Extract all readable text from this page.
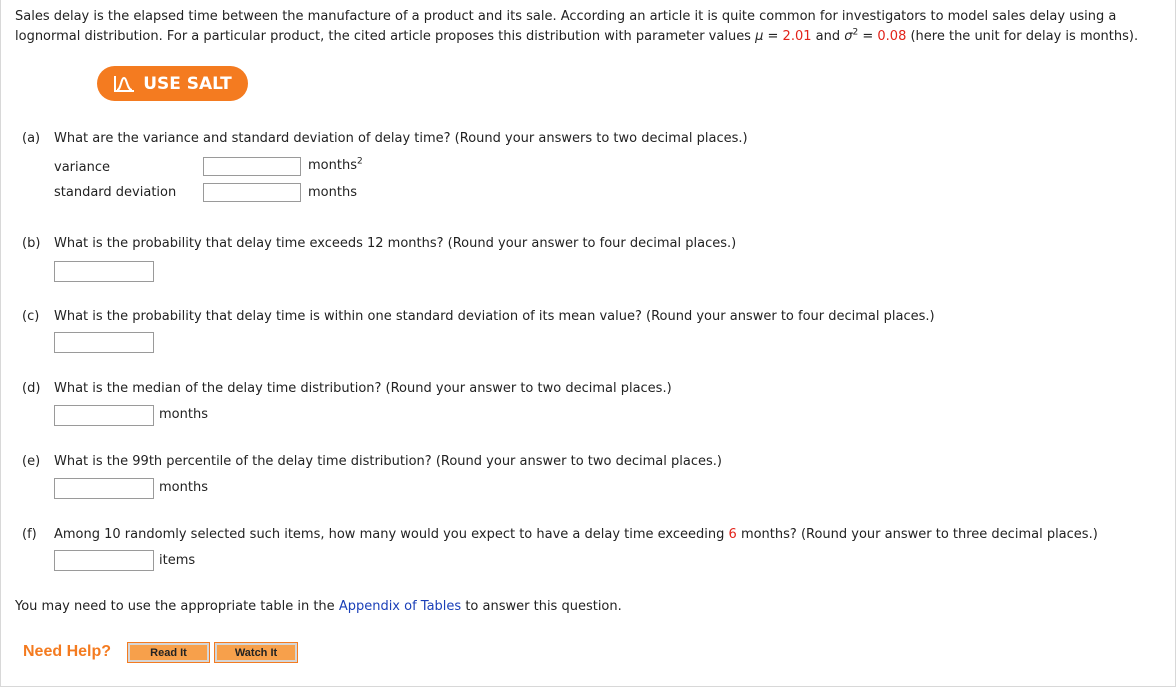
Sales delay is the elapsed time between the manufacture of a product and its sale. According an article it is quite common for investigators to model sales delay using a
lognormal distribution. For a particular product, the cited article proposes this distribution with parameter values μ = 2.01 and $\sigma^2 = 0.08$ (here the unit for delay is months).
USE SALT
(a) What are the variance and standard deviation of delay time? (Round your answers to two decimal places.)
variance	months$^2$
standard deviation	months
(b) What is the probability that delay time exceeds 12 months? (Round your answer to four decimal places.)
(c) What is the probability that delay time is within one standard deviation of its mean value? (Round your answer to four decimal places.)
(d) What is the median of the delay time distribution? (Round your answer to two decimal places.)
months
(e) What is the 99th percentile of the delay time distribution? (Round your answer to two decimal places.)
months
(f) Among 10 randomly selected such items, how many would you expect to have a delay time exceeding 6 months? (Round your answer to three decimal places.)
items
You may need to use the appropriate table in the Appendix of Tables to answer this question.
Need Help?	Read It	Watch It
